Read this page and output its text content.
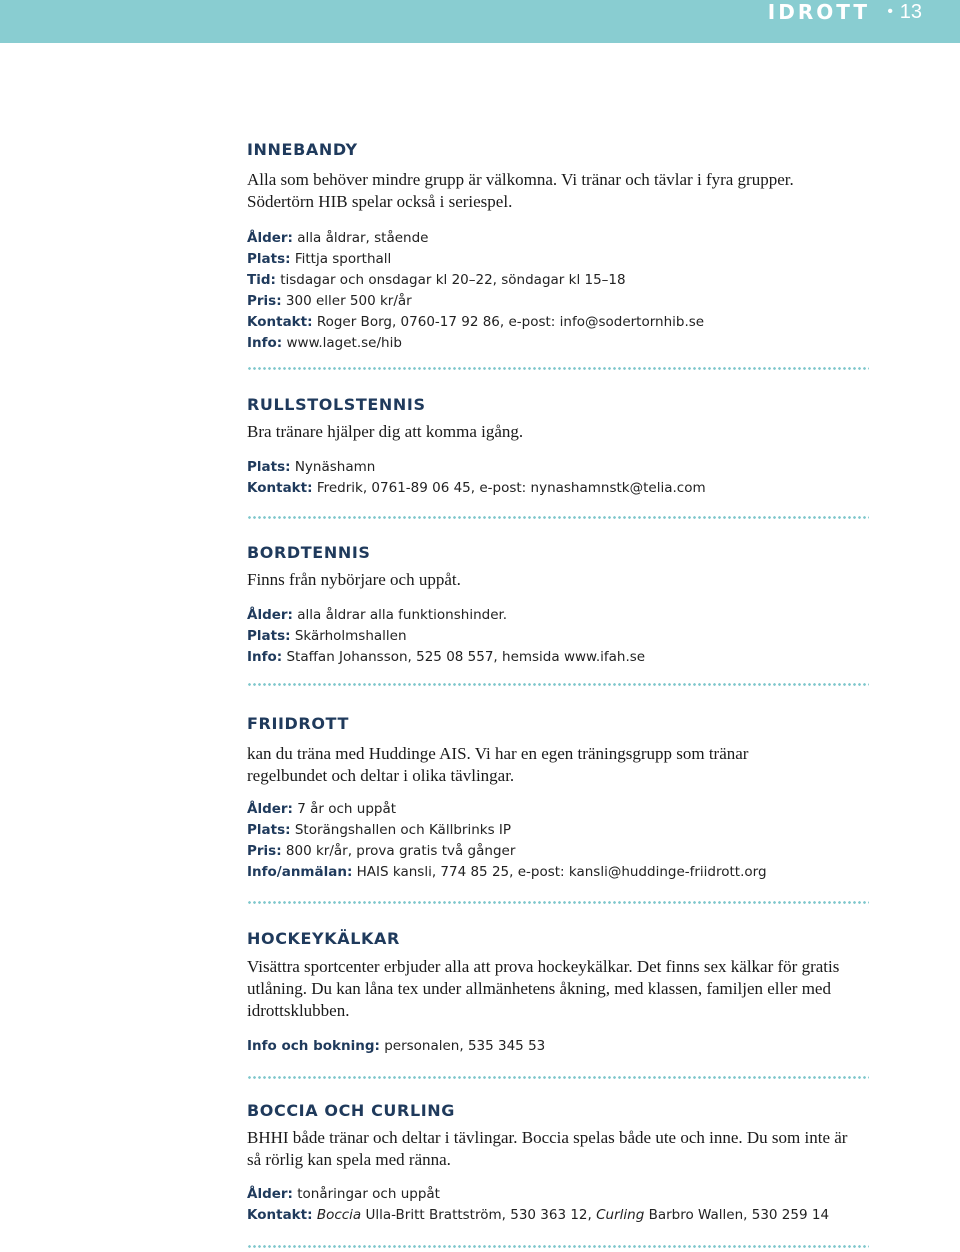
IDROTT • 13
INNEBANDY

Alla som behöver mindre grupp är välkomna. Vi tränar och tävlar i fyra grupper.

Södertörn HIB spelar också i seriespel.

Ålder: alla åldrar, stående
Plats: Fittja sporthall
Tid: tisdagar och onsdagar kl 20–22, söndagar kl 15–18
Pris: 300 eller 500 kr/år
Kontakt: Roger Borg, 0760-17 92 86, e-post: info@sodertornhib.se
Info: www.laget.se/hib
RULLSTOLSTENNIS

Bra tränare hjälper dig att komma igång.

Plats: Nynäshamn
Kontakt: Fredrik, 0761-89 06 45, e-post: nynashamnstk@telia.com
BORDTENNIS

Finns från nybörjare och uppåt.

Ålder: alla åldrar alla funktionshinder.
Plats: Skärholmshallen
Info: Staffan Johansson, 525 08 557, hemsida www.ifah.se
FRIIDROTT

kan du träna med Huddinge AIS. Vi har en egen träningsgrupp som tränar

regelbundet och deltar i olika tävlingar.

Ålder: 7 år och uppåt
Plats: Storängshallen och Källbrinks IP
Pris: 800 kr/år, prova gratis två gånger
Info/anmälan: HAIS kansli, 774 85 25, e-post: kansli@huddinge-friidrott.org
HOCKEYKÄLKAR

Visättra sportcenter erbjuder alla att prova hockeykälkar. Det finns sex kälkar för gratis

utlåning. Du kan låna tex under allmänhetens åkning, med klassen, familjen eller med

idrottsklubben.

Info och bokning: personalen, 535 345 53
BOCCIA OCH CURLING

BHHI både tränar och deltar i tävlingar. Boccia spelas både ute och inne. Du som inte är

så rörlig kan spela med ränna.

Ålder: tonåringar och uppåt
Kontakt: Boccia Ulla-Britt Brattström, 530 363 12, Curling Barbro Wallen, 530 259 14
